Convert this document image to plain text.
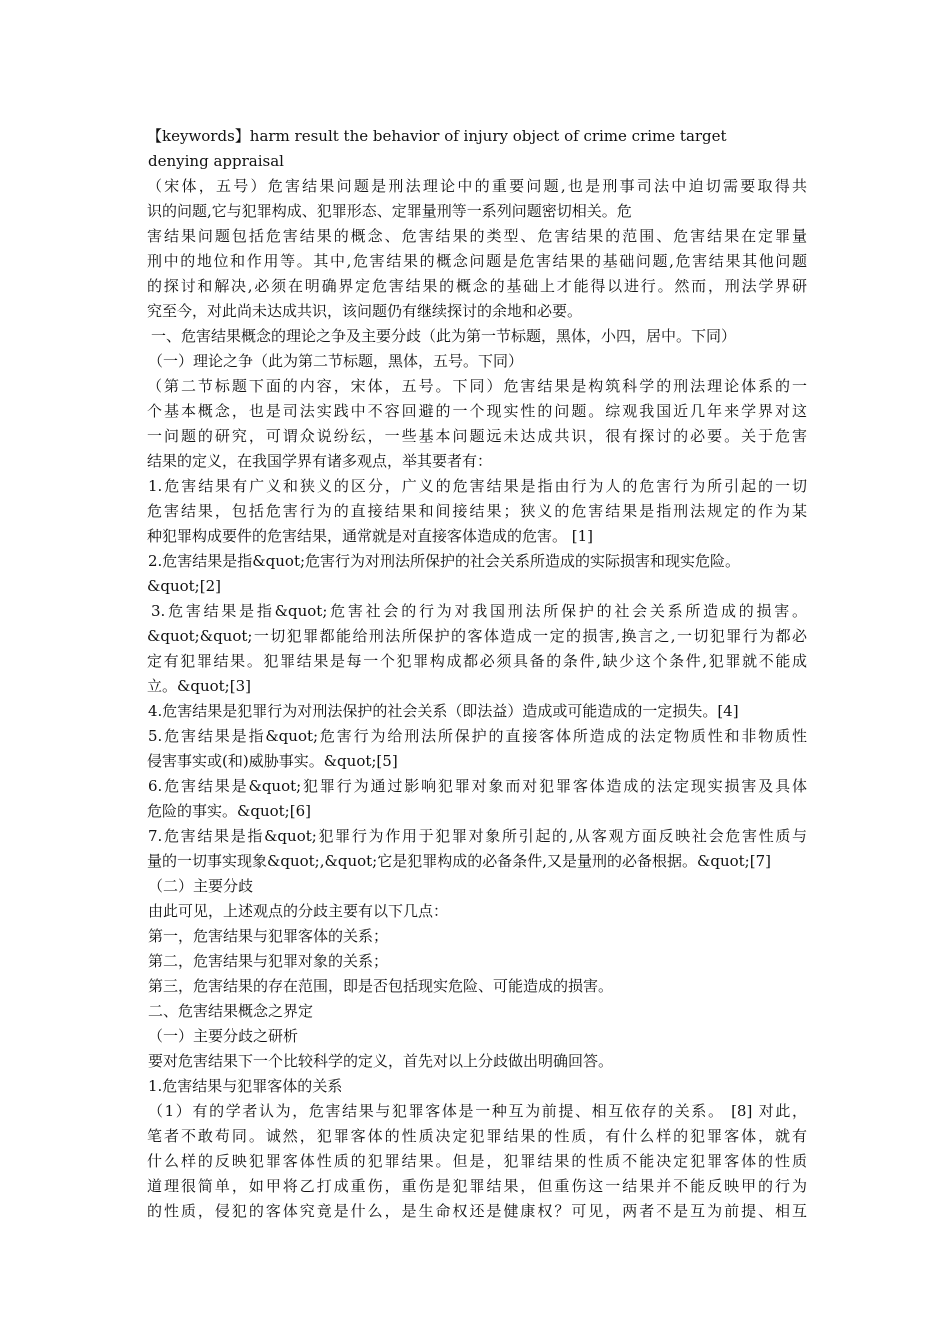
【keywords】harm result the behavior of injury object of crime crime target
denying appraisal
（宋体，五号）危害结果问题是刑法理论中的重要问题,也是刑事司法中迫切需要取得共
识的问题,它与犯罪构成、犯罪形态、定罪量刑等一系列问题密切相关。危
害结果问题包括危害结果的概念、危害结果的类型、危害结果的范围、危害结果在定罪量
刑中的地位和作用等。其中,危害结果的概念问题是危害结果的基础问题,危害结果其他问题
的探讨和解决,必须在明确界定危害结果的概念的基础上才能得以进行。然而，刑法学界研
究至今，对此尚未达成共识，该问题仍有继续探讨的余地和必要。
一、危害结果概念的理论之争及主要分歧（此为第一节标题，黑体，小四，居中。下同）
（一）理论之争（此为第二节标题，黑体，五号。下同）
（第二节标题下面的内容，宋体，五号。下同）危害结果是构筑科学的刑法理论体系的一
个基本概念，也是司法实践中不容回避的一个现实性的问题。综观我国近几年来学界对这
一问题的研究，可谓众说纷纭，一些基本问题远未达成共识，很有探讨的必要。关于危害
结果的定义，在我国学界有诸多观点，举其要者有：
1.危害结果有广义和狭义的区分，广义的危害结果是指由行为人的危害行为所引起的一切
危害结果，包括危害行为的直接结果和间接结果；狭义的危害结果是指刑法规定的作为某
种犯罪构成要件的危害结果，通常就是对直接客体造成的危害。 [1]
2.危害结果是指&quot;危害行为对刑法所保护的社会关系所造成的实际损害和现实危险。
&quot;[2]
3.危害结果是指&quot;危害社会的行为对我国刑法所保护的社会关系所造成的损害。
&quot;&quot;一切犯罪都能给刑法所保护的客体造成一定的损害,换言之,一切犯罪行为都必
定有犯罪结果。犯罪结果是每一个犯罪构成都必须具备的条件,缺少这个条件,犯罪就不能成
立。&quot;[3]
4.危害结果是犯罪行为对刑法保护的社会关系（即法益）造成或可能造成的一定损失。[4]
5.危害结果是指&quot;危害行为给刑法所保护的直接客体所造成的法定物质性和非物质性
侵害事实或(和)威胁事实。&quot;[5]
6.危害结果是&quot;犯罪行为通过影响犯罪对象而对犯罪客体造成的法定现实损害及具体
危险的事实。&quot;[6]
7.危害结果是指&quot;犯罪行为作用于犯罪对象所引起的,从客观方面反映社会危害性质与
量的一切事实现象&quot;,&quot;它是犯罪构成的必备条件,又是量刑的必备根据。&quot;[7]
（二）主要分歧
由此可见，上述观点的分歧主要有以下几点：
第一，危害结果与犯罪客体的关系；
第二，危害结果与犯罪对象的关系；
第三，危害结果的存在范围，即是否包括现实危险、可能造成的损害。
二、危害结果概念之界定
（一）主要分歧之研析
要对危害结果下一个比较科学的定义，首先对以上分歧做出明确回答。
1.危害结果与犯罪客体的关系
（1）有的学者认为，危害结果与犯罪客体是一种互为前提、相互依存的关系。 [8] 对此，
笔者不敢苟同。诚然，犯罪客体的性质决定犯罪结果的性质，有什么样的犯罪客体，就有
什么样的反映犯罪客体性质的犯罪结果。但是，犯罪结果的性质不能决定犯罪客体的性质
道理很简单，如甲将乙打成重伤，重伤是犯罪结果，但重伤这一结果并不能反映甲的行为
的性质，侵犯的客体究竟是什么，是生命权还是健康权？可见，两者不是互为前提、相互
